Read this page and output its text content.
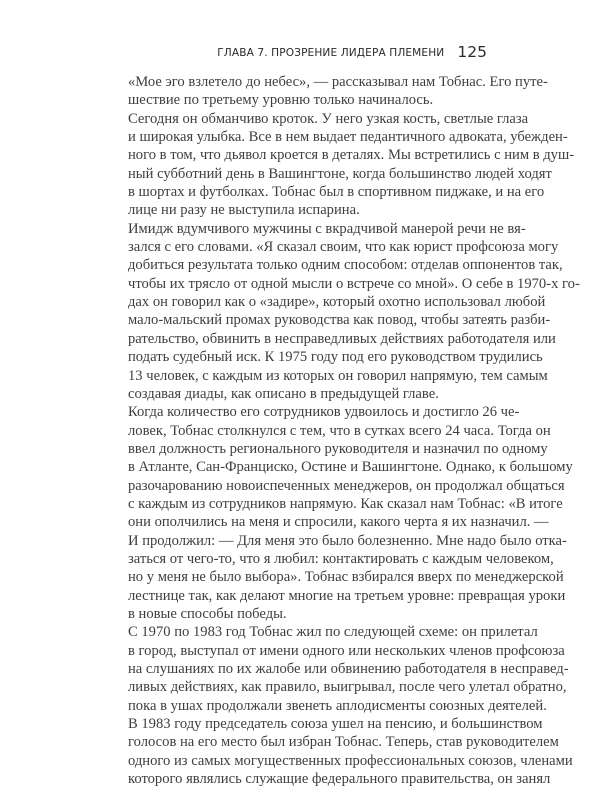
ГЛАВА 7. ПРОЗРЕНИЕ ЛИДЕРА ПЛЕМЕНИ 125

«Мое эго взлетело до небес», — рассказывал нам Тобнас. Его путе-
шествие по третьему уровню только начиналось.

Сегодня он обманчиво кроток. У него узкая кость, светлые глаза
и широкая улыбка. Все в нем выдает педантичного адвоката, убежден-
ного в том, что дьявол кроется в деталях. Мы встретились с ним в душ-
ный субботний день в Вашингтоне, когда большинство людей ходят
в шортах и футболках. Тобнас был в спортивном пиджаке, и на его
лице ни разу не выступила испарина.

Имидж вдумчивого мужчины с вкрадчивой манерой речи не вя-
зался с его словами. «Я сказал своим, что как юрист профсоюза могу
добиться результата только одним способом: отделав оппонентов так,
чтобы их трясло от одной мысли о встрече со мной». О себе в 1970-х го-
дах он говорил как о «задире», который охотно использовал любой
мало-мальский промах руководства как повод, чтобы затеять разби-
рательство, обвинить в несправедливых действиях работодателя или
подать судебный иск. К 1975 году под его руководством трудились
13 человек, с каждым из которых он говорил напрямую, тем самым
создавая диады, как описано в предыдущей главе.

Когда количество его сотрудников удвоилось и достигло 26 че-
ловек, Тобнас столкнулся с тем, что в сутках всего 24 часа. Тогда он
ввел должность регионального руководителя и назначил по одному
в Атланте, Сан-Франциско, Остине и Вашингтоне. Однако, к большому
разочарованию новоиспеченных менеджеров, он продолжал общаться
с каждым из сотрудников напрямую. Как сказал нам Тобнас: «В итоге
они ополчились на меня и спросили, какого черта я их назначил. —
И продолжил: — Для меня это было болезненно. Мне надо было отка-
заться от чего-то, что я любил: контактировать с каждым человеком,
но у меня не было выбора». Тобнас взбирался вверх по менеджерской
лестнице так, как делают многие на третьем уровне: превращая уроки
в новые способы победы.

С 1970 по 1983 год Тобнас жил по следующей схеме: он прилетал
в город, выступал от имени одного или нескольких членов профсоюза
на слушаниях по их жалобе или обвинению работодателя в несправед-
ливых действиях, как правило, выигрывал, после чего улетал обратно,
пока в ушах продолжали звенеть аплодисменты союзных деятелей.
В 1983 году председатель союза ушел на пенсию, и большинством
голосов на его место был избран Тобнас. Теперь, став руководителем
одного из самых могущественных профессиональных союзов, членами
которого являлись служащие федерального правительства, он занял
